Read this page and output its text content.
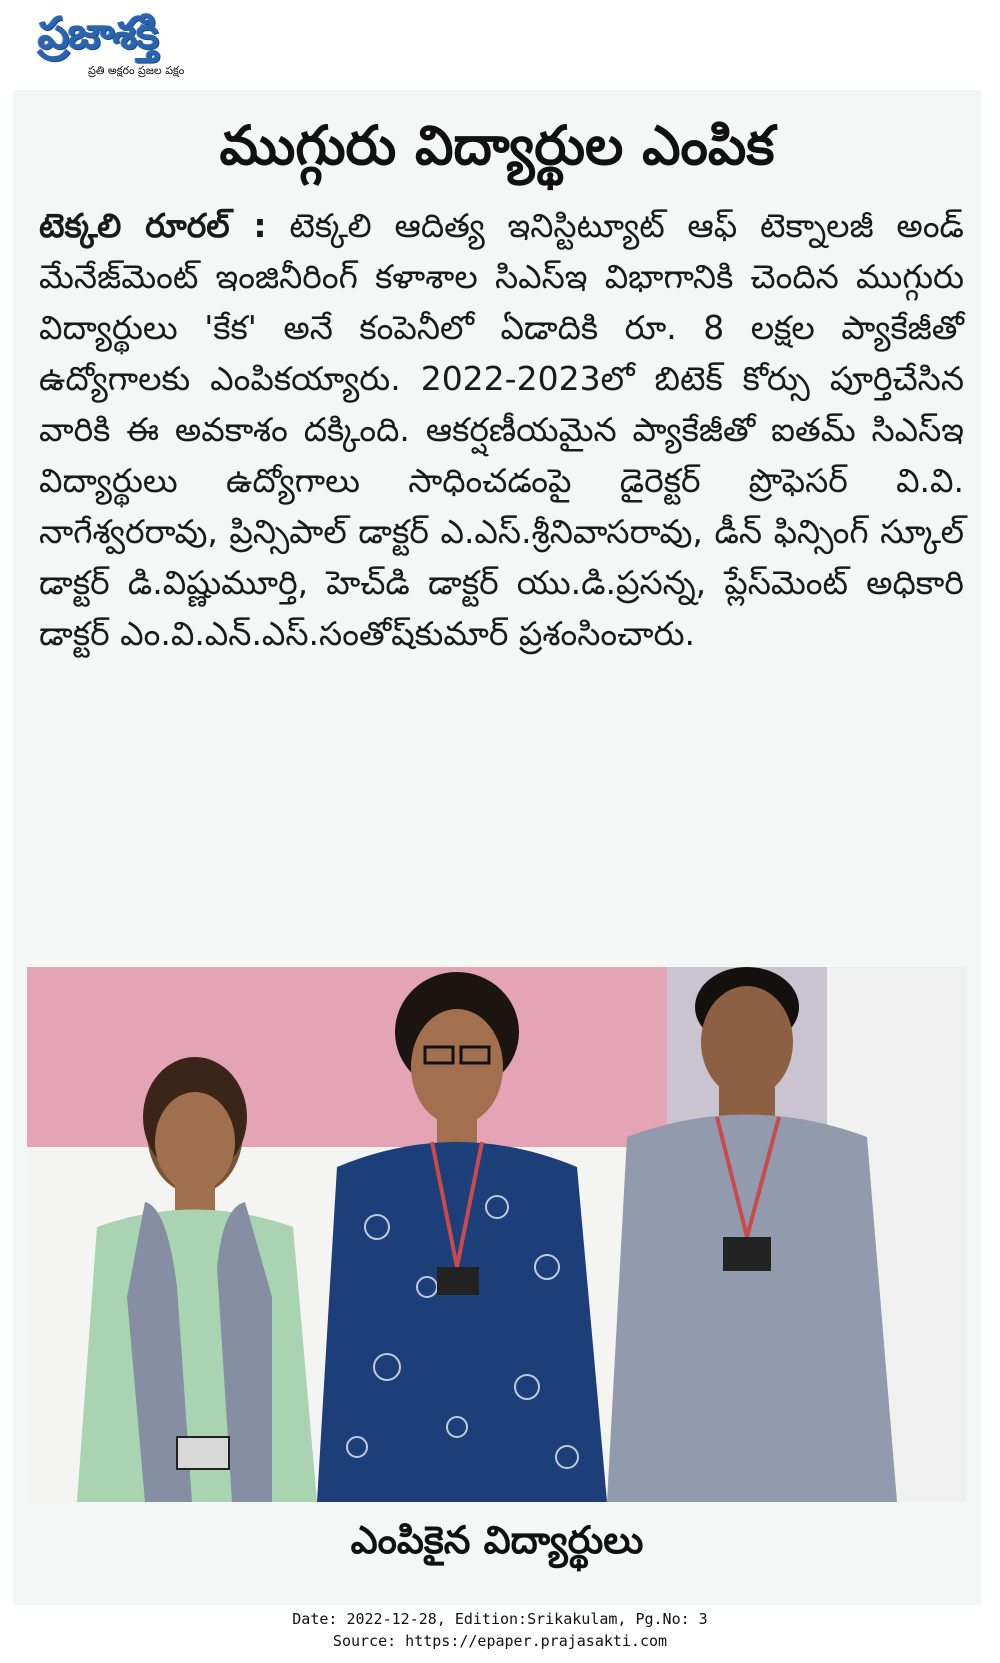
ప్రజాశక్తి
ప్రతి అక్షరం ప్రజల పక్షం
ముగ్గురు విద్యార్థుల ఎంపిక
టెక్కలి రూరల్ : టెక్కలి ఆదిత్య ఇనిస్టిట్యూట్ ఆఫ్ టెక్నాలజీ అండ్ మేనేజ్‌మెంట్ ఇంజినీరింగ్ కళాశాల సిఎస్ఇ విభాగానికి చెందిన ముగ్గురు విద్యార్థులు 'కేక' అనే కంపెనీలో ఏడాదికి రూ. 8 లక్షల ప్యాకేజీతో ఉద్యోగాలకు ఎంపికయ్యారు. 2022-2023లో బిటెక్ కోర్సు పూర్తిచేసిన వారికి ఈ అవకాశం దక్కింది. ఆకర్షణీయమైన ప్యాకేజీతో ఐతమ్ సిఎస్ఇ విద్యార్థులు ఉద్యోగాలు సాధించడంపై డైరెక్టర్ ప్రొఫెసర్ వి.వి. నాగేశ్వరరావు, ప్రిన్సిపాల్ డాక్టర్ ఎ.ఎస్.శ్రీనివాసరావు, డీన్ ఫిన్సింగ్ స్కూల్ డాక్టర్ డి.విష్ణుమూర్తి, హెచ్‌డి డాక్టర్ యు.డి.ప్రసన్న, ప్లేస్‌మెంట్ అధికారి డాక్టర్ ఎం.వి.ఎన్.ఎస్.సంతోష్‌కుమార్ ప్రశంసించారు.
ఎంపికైన విద్యార్థులు
Date: 2022-12-28, Edition:Srikakulam, Pg.No: 3
Source: https://epaper.prajasakti.com
